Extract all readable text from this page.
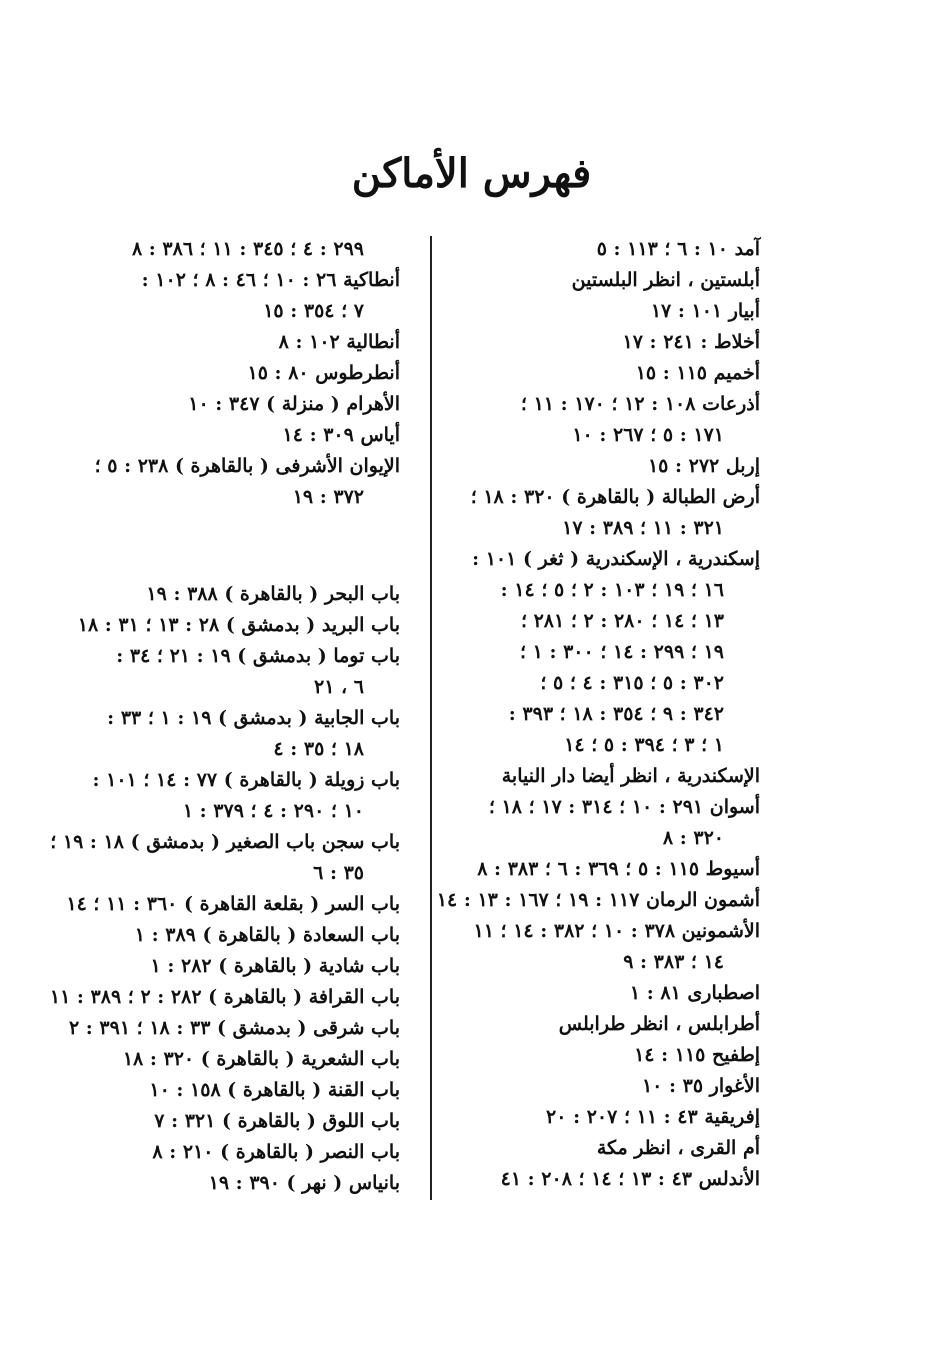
فهرس الأماكن
آمد ١٠ : ٦ ؛ ١١٣ : ٥
أبلستين ، انظر البلستين
أبيار ١٠١ : ١٧
أخلاط : ٢٤١ : ١٧
أخميم ١١٥ : ١٥
أذرعات ١٠٨ : ١٢ ؛ ١٧٠ : ١١ ؛
١٧١ : ٥ ؛ ٢٦٧ : ١٠
إربل ٢٧٢ : ١٥
أرض الطبالة ( بالقاهرة ) ٣٢٠ : ١٨ ؛
٣٢١ : ١١ ؛ ٣٨٩ : ١٧
إسكندرية ، الإسكندرية ( ثغر ) ١٠١ :
١٦ ؛ ١٩ ؛ ١٠٣ : ٢ ؛ ٥ ؛ ١٤ :
١٣ ؛ ١٤ ؛ ٢٨٠ : ٢ ؛ ٢٨١ ؛
١٩ ؛ ٢٩٩ : ١٤ ؛ ٣٠٠ : ١ ؛
٣٠٢ : ٥ ؛ ٣١٥ : ٤ ؛ ٥ ؛
٣٤٢ : ٩ ؛ ٣٥٤ : ١٨ ؛ ٣٩٣ :
١ ؛ ٣ ؛ ٣٩٤ : ٥ ؛ ١٤
الإسكندرية ، انظر أيضا دار النيابة
أسوان ٢٩١ : ١٠ ؛ ٣١٤ : ١٧ ؛ ١٨ ؛
٣٢٠ : ٨
أسيوط ١١٥ : ٥ ؛ ٣٦٩ : ٦ ؛ ٣٨٣ : ٨
أشمون الرمان ١١٧ : ١٩ ؛ ١٦٧ : ١٣ : ١٤
الأشمونين ٣٧٨ : ١٠ ؛ ٣٨٢ : ١٤ ؛ ١١
١٤ ؛ ٣٨٣ : ٩
اصطبارى ٨١ : ١
أطرابلس ، انظر طرابلس
إطفيح ١١٥ : ١٤
الأغوار ٣٥ : ١٠
إفريقية ٤٣ : ١١ ؛ ٢٠٧ : ٢٠
أم القرى ، انظر مكة
الأندلس ٤٣ : ١٣ ؛ ١٤ ؛ ٢٠٨ : ٤١
٢٩٩ : ٤ ؛ ٣٤٥ : ١١ ؛ ٣٨٦ : ٨
أنطاكية ٢٦ : ١٠ ؛ ٤٦ : ٨ ؛ ١٠٢ :
٧ ؛ ٣٥٤ : ١٥
أنطالية ١٠٢ : ٨
أنطرطوس ٨٠ : ١٥
الأهرام ( منزلة ) ٣٤٧ : ١٠
أياس ٣٠٩ : ١٤
الإيوان الأشرفى ( بالقاهرة ) ٢٣٨ : ٥ ؛
٣٧٢ : ١٩
باب البحر ( بالقاهرة ) ٣٨٨ : ١٩
باب البريد ( بدمشق ) ٢٨ : ١٣ ؛ ٣١ : ١٨
باب توما ( بدمشق ) ١٩ : ٢١ ؛ ٣٤ :
٦ ، ٢١
باب الجابية ( بدمشق ) ١٩ : ١ ؛ ٣٣ :
١٨ ؛ ٣٥ : ٤
باب زويلة ( بالقاهرة ) ٧٧ : ١٤ ؛ ١٠١ :
١٠ ؛ ٢٩٠ : ٤ ؛ ٣٧٩ : ١
باب سجن باب الصغير ( بدمشق ) ١٨ : ١٩ ؛
٣٥ : ٦
باب السر ( بقلعة القاهرة ) ٣٦٠ : ١١ ؛ ١٤
باب السعادة ( بالقاهرة ) ٣٨٩ : ١
باب شادية ( بالقاهرة ) ٢٨٢ : ١
باب القرافة ( بالقاهرة ) ٢٨٢ : ٢ ؛ ٣٨٩ : ١١
باب شرقى ( بدمشق ) ٣٣ : ١٨ ؛ ٣٩١ : ٢
باب الشعرية ( بالقاهرة ) ٣٢٠ : ١٨
باب القنة ( بالقاهرة ) ١٥٨ : ١٠
باب اللوق ( بالقاهرة ) ٣٢١ : ٧
باب النصر ( بالقاهرة ) ٢١٠ : ٨
بانياس ( نهر ) ٣٩٠ : ١٩
